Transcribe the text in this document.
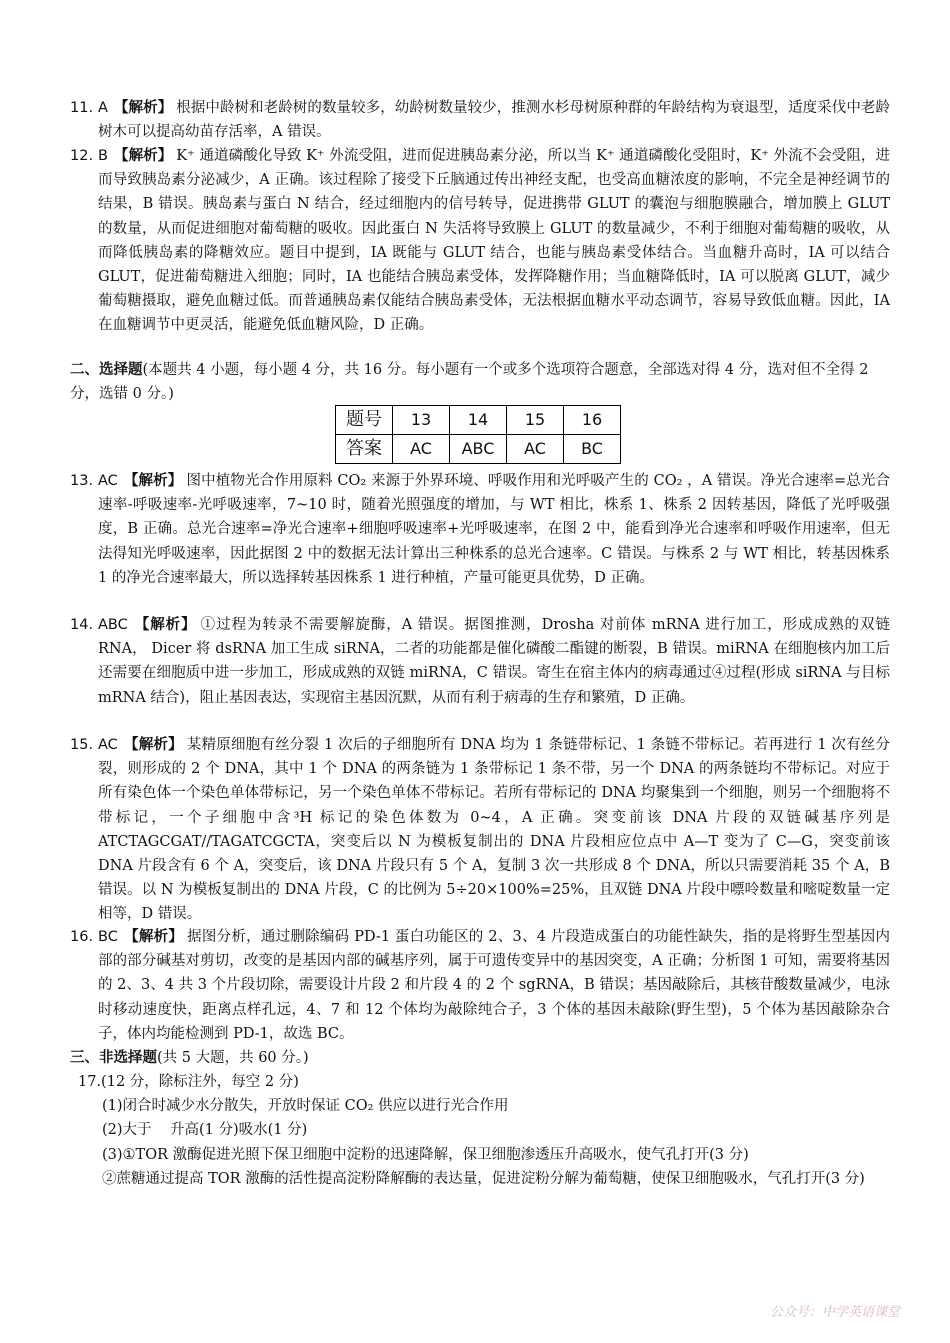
11. A 【解析】 根据中龄树和老龄树的数量较多，幼龄树数量较少，推测水杉母树原种群的年龄结构为衰退型，适度采伐中老龄树木可以提高幼苗存活率，A 错误。
12. B 【解析】 K⁺ 通道磷酸化导致 K⁺ 外流受阻，进而促进胰岛素分泌，所以当 K⁺ 通道磷酸化受阻时，K⁺ 外流不会受阻，进而导致胰岛素分泌减少，A 正确。该过程除了接受下丘脑通过传出神经支配，也受高血糖浓度的影响，不完全是神经调节的结果，B 错误。胰岛素与蛋白 N 结合，经过细胞内的信号转导，促进携带 GLUT 的囊泡与细胞膜融合，增加膜上 GLUT 的数量，从而促进细胞对葡萄糖的吸收。因此蛋白 N 失活将导致膜上 GLUT 的数量减少，不利于细胞对葡萄糖的吸收，从而降低胰岛素的降糖效应。题目中提到，IA 既能与 GLUT 结合，也能与胰岛素受体结合。当血糖升高时，IA 可以结合 GLUT，促进葡萄糖进入细胞；同时，IA 也能结合胰岛素受体，发挥降糖作用；当血糖降低时，IA 可以脱离 GLUT，减少葡萄糖摄取，避免血糖过低。而普通胰岛素仅能结合胰岛素受体，无法根据血糖水平动态调节，容易导致低血糖。因此，IA 在血糖调节中更灵活，能避免低血糖风险，D 正确。
二、选择题(本题共 4 小题，每小题 4 分，共 16 分。每小题有一个或多个选项符合题意，全部选对得 4 分，选对但不全得 2 分，选错 0 分。)
题号	13	14	15	16
答案	AC	ABC	AC	BC
13. AC 【解析】 图中植物光合作用原料 CO₂ 来源于外界环境、呼吸作用和光呼吸产生的 CO₂ ，A 错误。净光合速率=总光合速率-呼吸速率-光呼吸速率，7~10 时，随着光照强度的增加，与 WT 相比，株系 1、株系 2 因转基因，降低了光呼吸强度，B 正确。总光合速率=净光合速率+细胞呼吸速率+光呼吸速率，在图 2 中，能看到净光合速率和呼吸作用速率，但无法得知光呼吸速率，因此据图 2 中的数据无法计算出三种株系的总光合速率。C 错误。与株系 2 与 WT 相比，转基因株系 1 的净光合速率最大，所以选择转基因株系 1 进行种植，产量可能更具优势，D 正确。
14. ABC 【解析】 ①过程为转录不需要解旋酶，A 错误。据图推测，Drosha 对前体 mRNA 进行加工，形成成熟的双链 RNA， Dicer 将 dsRNA 加工生成 siRNA，二者的功能都是催化磷酸二酯键的断裂，B 错误。miRNA 在细胞核内加工后还需要在细胞质中进一步加工，形成成熟的双链 miRNA，C 错误。寄生在宿主体内的病毒通过④过程(形成 siRNA 与目标 mRNA 结合)，阻止基因表达，实现宿主基因沉默，从而有利于病毒的生存和繁殖，D 正确。
15. AC 【解析】 某精原细胞有丝分裂 1 次后的子细胞所有 DNA 均为 1 条链带标记、1 条链不带标记。若再进行 1 次有丝分裂，则形成的 2 个 DNA，其中 1 个 DNA 的两条链为 1 条带标记 1 条不带，另一个 DNA 的两条链均不带标记。对应于所有染色体一个染色单体带标记，另一个染色单体不带标记。若所有带标记的 DNA 均聚集到一个细胞，则另一个细胞将不带标记，一个子细胞中含³H 标记的染色体数为 0~4，A 正确。突变前该 DNA 片段的双链碱基序列是 ATCTAGCGAT//TAGATCGCTA，突变后以 N 为模板复制出的 DNA 片段相应位点中 A—T 变为了 C—G，突变前该 DNA 片段含有 6 个 A，突变后，该 DNA 片段只有 5 个 A，复制 3 次一共形成 8 个 DNA，所以只需要消耗 35 个 A，B 错误。以 N 为模板复制出的 DNA 片段，C 的比例为 5÷20×100%=25%，且双链 DNA 片段中嘌呤数量和嘧啶数量一定相等，D 错误。
16. BC 【解析】 据图分析，通过删除编码 PD-1 蛋白功能区的 2、3、4 片段造成蛋白的功能性缺失，指的是将野生型基因内部的部分碱基对剪切，改变的是基因内部的碱基序列，属于可遗传变异中的基因突变，A 正确；分析图 1 可知，需要将基因的 2、3、4 共 3 个片段切除，需要设计片段 2 和片段 4 的 2 个 sgRNA，B 错误；基因敲除后，其核苷酸数量减少，电泳时移动速度快，距离点样孔远，4、7 和 12 个体均为敲除纯合子，3 个体的基因未敲除(野生型)，5 个体为基因敲除杂合子，体内均能检测到 PD-1，故选 BC。
三、非选择题(共 5 大题，共 60 分。)
17.(12 分，除标注外，每空 2 分)
(1)闭合时减少水分散失，开放时保证 CO₂ 供应以进行光合作用
(2)大于    升高(1 分)吸水(1 分)
(3)①TOR 激酶促进光照下保卫细胞中淀粉的迅速降解，保卫细胞渗透压升高吸水，使气孔打开(3 分)
②蔗糖通过提高 TOR 激酶的活性提高淀粉降解酶的表达量，促进淀粉分解为葡萄糖，使保卫细胞吸水，气孔打开(3 分)
公众号：中学英语课堂
